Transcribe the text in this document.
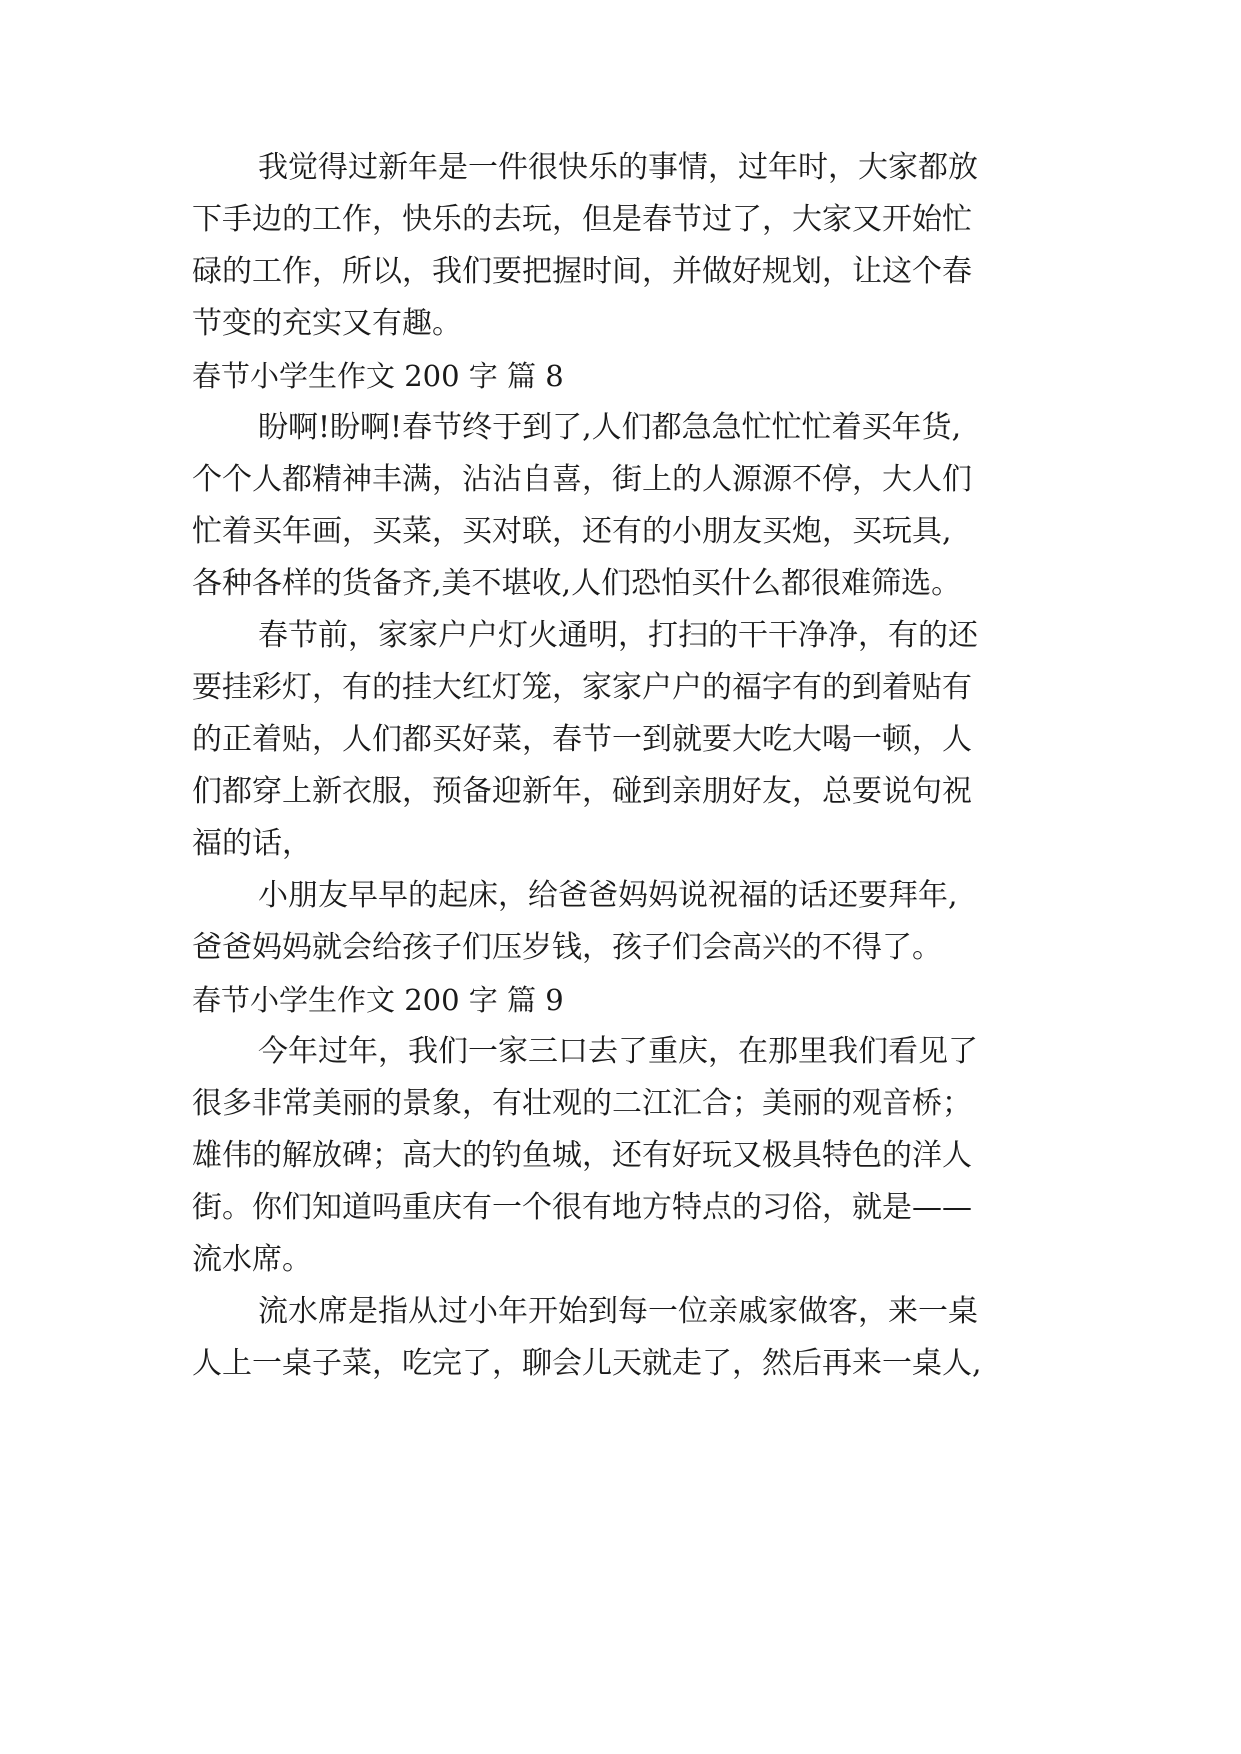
我觉得过新年是一件很快乐的事情，过年时，大家都放
下手边的工作，快乐的去玩，但是春节过了，大家又开始忙
碌的工作，所以，我们要把握时间，并做好规划，让这个春
节变的充实又有趣。
春节小学生作文 200 字 篇 8
盼啊!盼啊!春节终于到了,人们都急急忙忙忙着买年货,
个个人都精神丰满，沾沾自喜，街上的人源源不停，大人们
忙着买年画，买菜，买对联，还有的小朋友买炮，买玩具,
各种各样的货备齐,美不堪收,人们恐怕买什么都很难筛选。
春节前，家家户户灯火通明，打扫的干干净净，有的还
要挂彩灯，有的挂大红灯笼，家家户户的福字有的到着贴有
的正着贴，人们都买好菜，春节一到就要大吃大喝一顿，人
们都穿上新衣服，预备迎新年，碰到亲朋好友，总要说句祝
福的话，
小朋友早早的起床，给爸爸妈妈说祝福的话还要拜年,
爸爸妈妈就会给孩子们压岁钱，孩子们会高兴的不得了。
春节小学生作文 200 字 篇 9
今年过年，我们一家三口去了重庆，在那里我们看见了
很多非常美丽的景象，有壮观的二江汇合；美丽的观音桥；
雄伟的解放碑；高大的钓鱼城，还有好玩又极具特色的洋人
街。你们知道吗重庆有一个很有地方特点的习俗，就是——
流水席。
流水席是指从过小年开始到每一位亲戚家做客，来一桌
人上一桌子菜，吃完了，聊会儿天就走了，然后再来一桌人,
